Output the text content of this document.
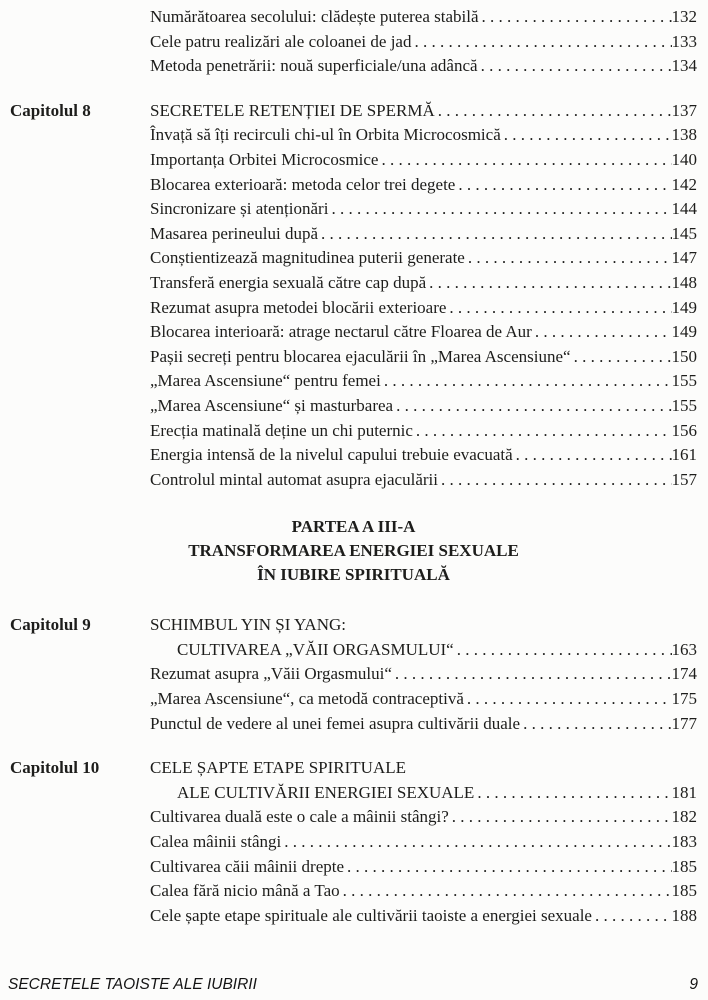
Numărătoarea secolului: clădește puterea stabilă . . .	132
Cele patru realizări ale coloanei de jad . . .	133
Metoda penetrării: nouă superficiale/una adâncă . . .	134
Capitolul 8	SECRETELE RETENȚIEI DE SPERMĂ . . .	137
Învață să îți recirculi chi-ul în Orbita Microcosmică . . .	138
Importanța Orbitei Microcosmice . . .	140
Blocarea exterioară: metoda celor trei degete . . .	142
Sincronizare și atenționări . . .	144
Masarea perineului după . . .	145
Conștientizează magnitudinea puterii generate . . .	147
Transferă energia sexuală către cap după . . .	148
Rezumat asupra metodei blocării exterioare . . .	149
Blocarea interioară: atrage nectarul către Floarea de Aur . . .	149
Pașii secreți pentru blocarea ejaculării în „Marea Ascensiune“ . . .	150
„Marea Ascensiune“ pentru femei . . .	155
„Marea Ascensiune“ și masturbarea . . .	155
Erecția matinală deține un chi puternic . . .	156
Energia intensă de la nivelul capului trebuie evacuată . . .	161
Controlul mintal automat asupra ejaculării . . .	157
PARTEA A III-A
TRANSFORMAREA ENERGIEI SEXUALE
ÎN IUBIRE SPIRITUALĂ
Capitolul 9	SCHIMBUL YIN ȘI YANG:
CULTIVAREA „VĂII ORGASMULUI“ . . .	163
Rezumat asupra „Văii Orgasmului“ . . .	174
„Marea Ascensiune“, ca metodă contraceptivă . . .	175
Punctul de vedere al unei femei asupra cultivării duale . . .	177
Capitolul 10	CELE ȘAPTE ETAPE SPIRITUALE
ALE CULTIVĂRII ENERGIEI SEXUALE . . .	181
Cultivarea duală este o cale a mâinii stângi? . . .	182
Calea mâinii stângi . . .	183
Cultivarea căii mâinii drepte . . .	185
Calea fără nicio mână a Tao . . .	185
Cele șapte etape spirituale ale cultivării taoiste a energiei sexuale . . .	188
SECRETELE TAOISTE ALE IUBIRII	9
